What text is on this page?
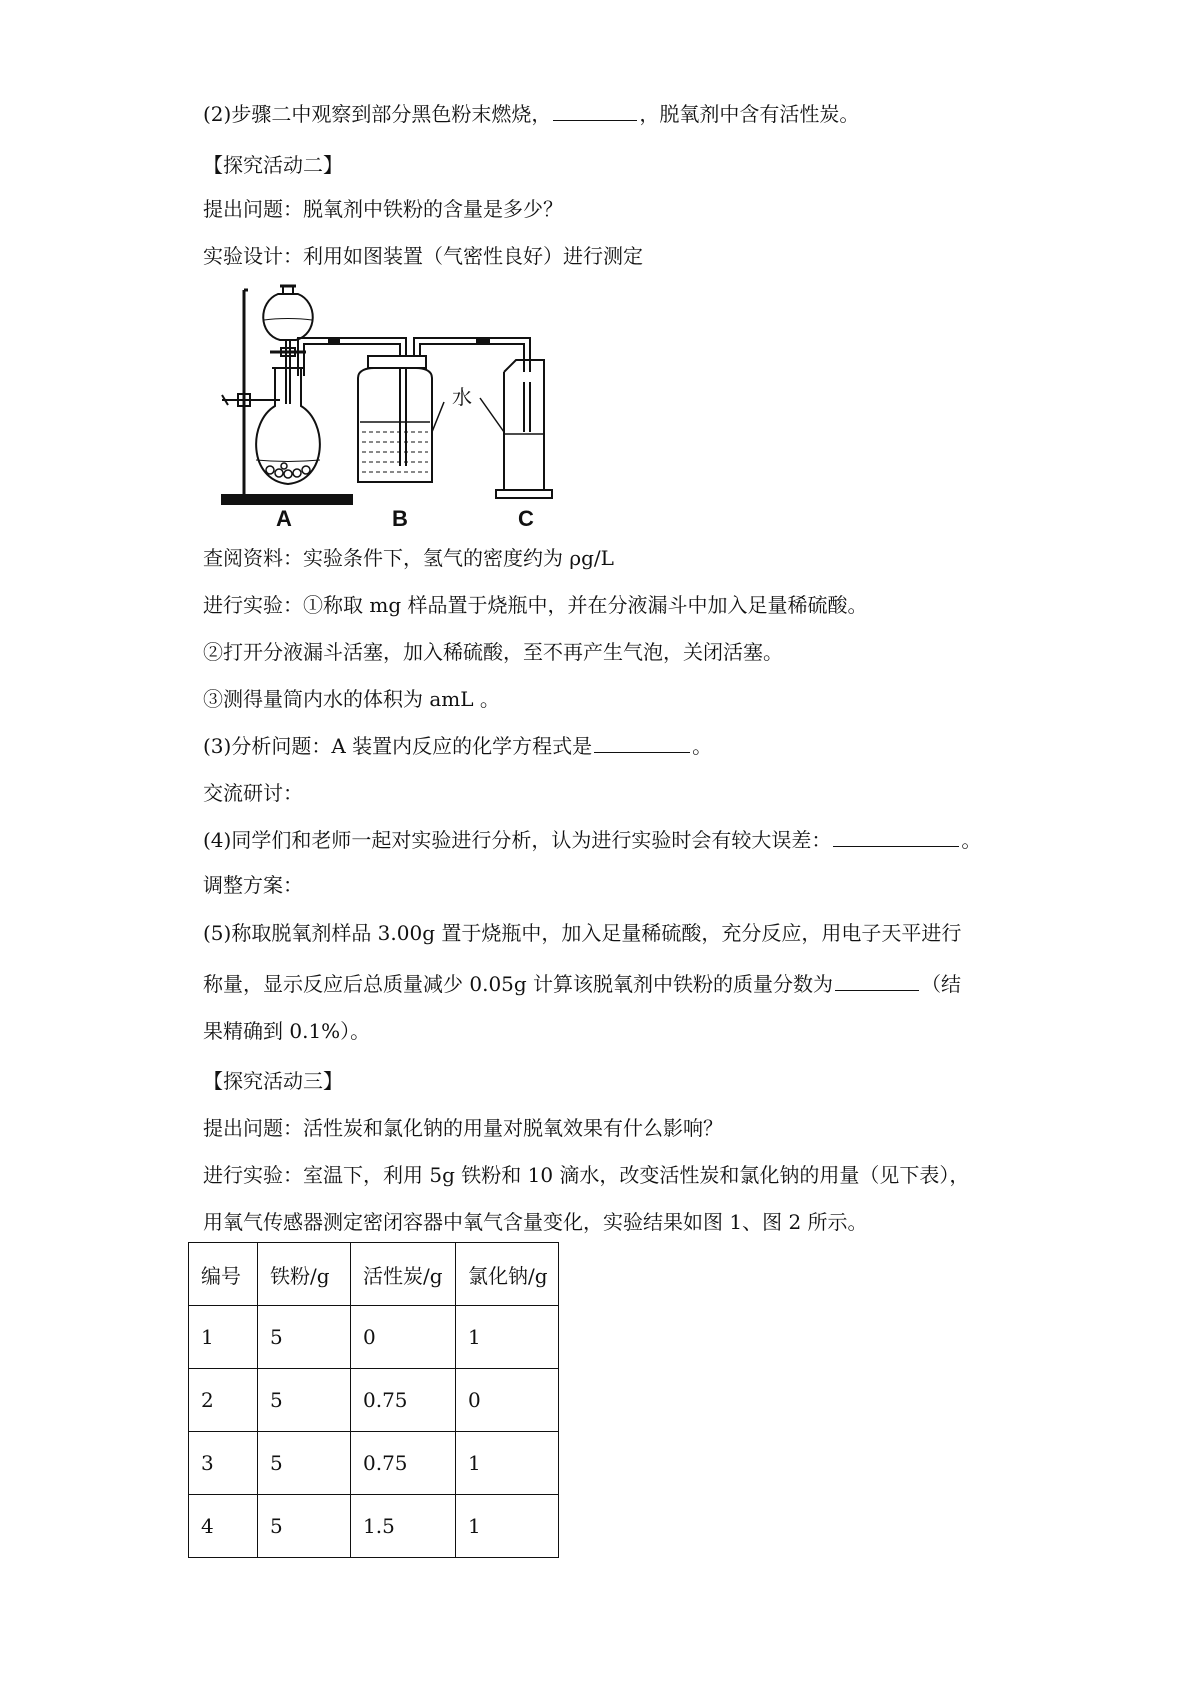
(2)步骤二中观察到部分黑色粉末燃烧，	，脱氧剂中含有活性炭。
【探究活动二】
提出问题：脱氧剂中铁粉的含量是多少？
实验设计：利用如图装置（气密性良好）进行测定
A	B	C
水
查阅资料：实验条件下，氢气的密度约为 ρg/L
进行实验：①称取 mg 样品置于烧瓶中，并在分液漏斗中加入足量稀硫酸。
②打开分液漏斗活塞，加入稀硫酸，至不再产生气泡，关闭活塞。
③测得量筒内水的体积为 amL 。
(3)分析问题：A 装置内反应的化学方程式是	。
交流研讨：
(4)同学们和老师一起对实验进行分析，认为进行实验时会有较大误差：	。
调整方案：
(5)称取脱氧剂样品 3.00g 置于烧瓶中，加入足量稀硫酸，充分反应，用电子天平进行
称量，显示反应后总质量减少 0.05g 计算该脱氧剂中铁粉的质量分数为	（结
果精确到 0.1%）。
【探究活动三】
提出问题：活性炭和氯化钠的用量对脱氧效果有什么影响？
进行实验：室温下，利用 5g 铁粉和 10 滴水，改变活性炭和氯化钠的用量（见下表），
用氧气传感器测定密闭容器中氧气含量变化，实验结果如图 1、图 2 所示。
编号	铁粉/g	活性炭/g	氯化钠/g
1	5	0	1
2	5	0.75	0
3	5	0.75	1
4	5	1.5	1
